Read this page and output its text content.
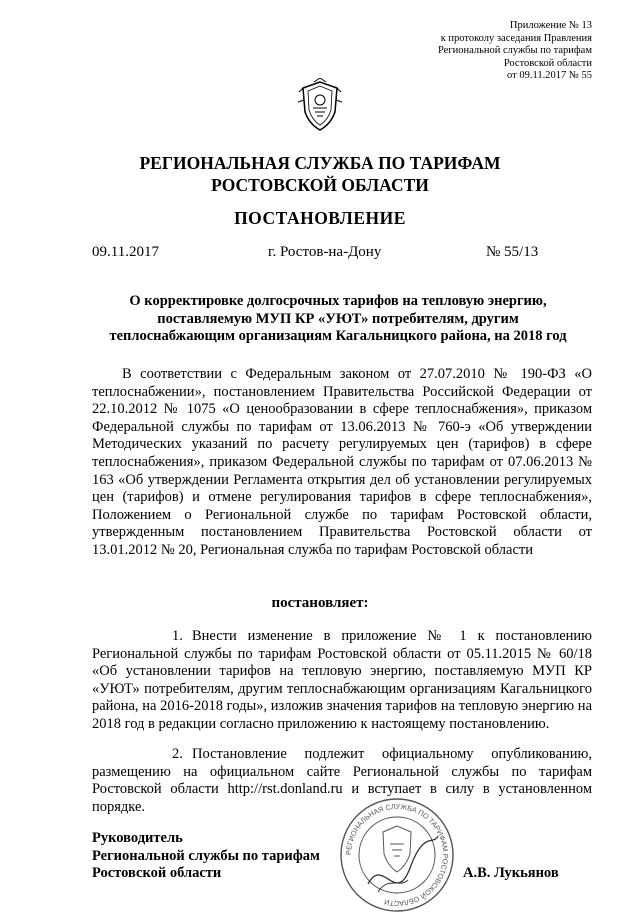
Приложение № 13
к протоколу заседания Правления
Региональной службы по тарифам
Ростовской области
от 09.11.2017 № 55
РЕГИОНАЛЬНАЯ СЛУЖБА ПО ТАРИФАМ
РОСТОВСКОЙ ОБЛАСТИ
ПОСТАНОВЛЕНИЕ
09.11.2017	г. Ростов-на-Дону	№ 55/13
О корректировке долгосрочных тарифов на тепловую энергию,
поставляемую МУП КР «УЮТ» потребителям, другим
теплоснабжающим организациям Кагальницкого района, на 2018 год
В соответствии с Федеральным законом от 27.07.2010 № 190-ФЗ «О теплоснабжении», постановлением Правительства Российской Федерации от 22.10.2012 № 1075 «О ценообразовании в сфере теплоснабжения», приказом Федеральной службы по тарифам от 13.06.2013 № 760-э «Об утверждении Методических указаний по расчету регулируемых цен (тарифов) в сфере теплоснабжения», приказом Федеральной службы по тарифам от 07.06.2013 № 163 «Об утверждении Регламента открытия дел об установлении регулируемых цен (тарифов) и отмене регулирования тарифов в сфере теплоснабжения», Положением о Региональной службе по тарифам Ростовской области, утвержденным постановлением Правительства Ростовской области от 13.01.2012 № 20, Региональная служба по тарифам Ростовской области
постановляет:
1. Внести изменение в приложение № 1 к постановлению Региональной службы по тарифам Ростовской области от 05.11.2015 № 60/18 «Об установлении тарифов на тепловую энергию, поставляемую МУП КР «УЮТ» потребителям, другим теплоснабжающим организациям Кагальницкого района, на 2016-2018 годы», изложив значения тарифов на тепловую энергию на 2018 год в редакции согласно приложению к настоящему постановлению.
2. Постановление подлежит официальному опубликованию, размещению на официальном сайте Региональной службы по тарифам Ростовской области http://rst.donland.ru и вступает в силу в установленном порядке.
РЕГИОНАЛЬНАЯ СЛУЖБА ПО ТАРИФАМ РОСТОВСКОЙ ОБЛАСТИ
Руководитель
Региональной службы по тарифам
Ростовской области	А.В. Лукьянов
